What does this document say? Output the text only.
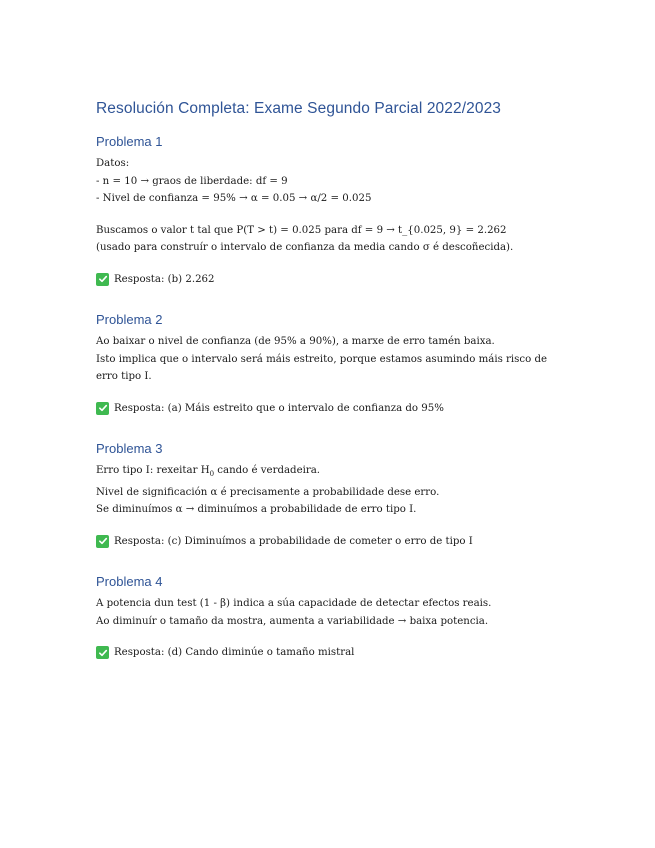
Resolución Completa: Exame Segundo Parcial 2022/2023
Problema 1

Datos:

- n = 10 → graos de liberdade: df = 9

- Nivel de confianza = 95% → α = 0.05 → α/2 = 0.025

Buscamos o valor t tal que P(T > t) = 0.025 para df = 9 → t_{0.025, 9} = 2.262

(usado para construír o intervalo de confianza da media cando σ é descoñecida).

Resposta: (b) 2.262
Problema 2

Ao baixar o nivel de confianza (de 95% a 90%), a marxe de erro tamén baixa.

Isto implica que o intervalo será máis estreito, porque estamos asumindo máis risco de erro tipo I.

Resposta: (a) Máis estreito que o intervalo de confianza do 95%
Problema 3

Erro tipo I: rexeitar $H_0$ cando é verdadeira.

Nivel de significación α é precisamente a probabilidade dese erro.

Se diminuímos α → diminuímos a probabilidade de erro tipo I.

Resposta: (c) Diminuímos a probabilidade de cometer o erro de tipo I
Problema 4

A potencia dun test (1 - β) indica a súa capacidade de detectar efectos reais.

Ao diminuír o tamaño da mostra, aumenta a variabilidade → baixa potencia.

Resposta: (d) Cando diminúe o tamaño mistral
